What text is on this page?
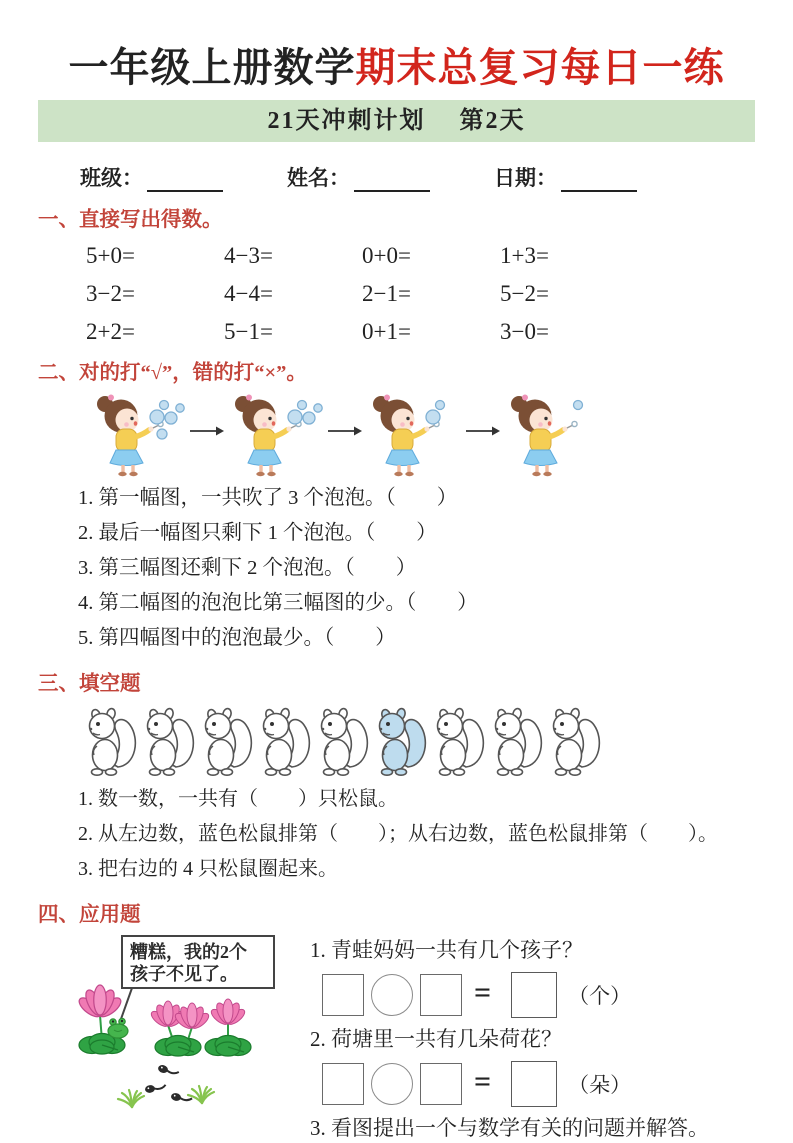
一年级上册数学期末总复习每日一练
21天冲刺计划　 第2天
班级：	姓名：	日期：
一、直接写出得数。
5+0=	4−3=	0+0=	1+3=
3−2=	4−4=	2−1=	5−2=
2+2=	5−1=	0+1=	3−0=
二、对的打“√”，错的打“×”。
1. 第一幅图，一共吹了 3 个泡泡。（　　）
2. 最后一幅图只剩下 1 个泡泡。（　　）
3. 第三幅图还剩下 2 个泡泡。（　　）
4. 第二幅图的泡泡比第三幅图的少。（　　）
5. 第四幅图中的泡泡最少。（　　）
三、填空题
1. 数一数，一共有（　　）只松鼠。
2. 从左边数，蓝色松鼠排第（　　）；从右边数，蓝色松鼠排第（　　）。
3. 把右边的 4 只松鼠圈起来。
四、应用题
糟糕，我的2个
孩子不见了。
1. 青蛙妈妈一共有几个孩子？
=	（个）
2. 荷塘里一共有几朵荷花？
=	（朵）
3. 看图提出一个与数学有关的问题并解答。
